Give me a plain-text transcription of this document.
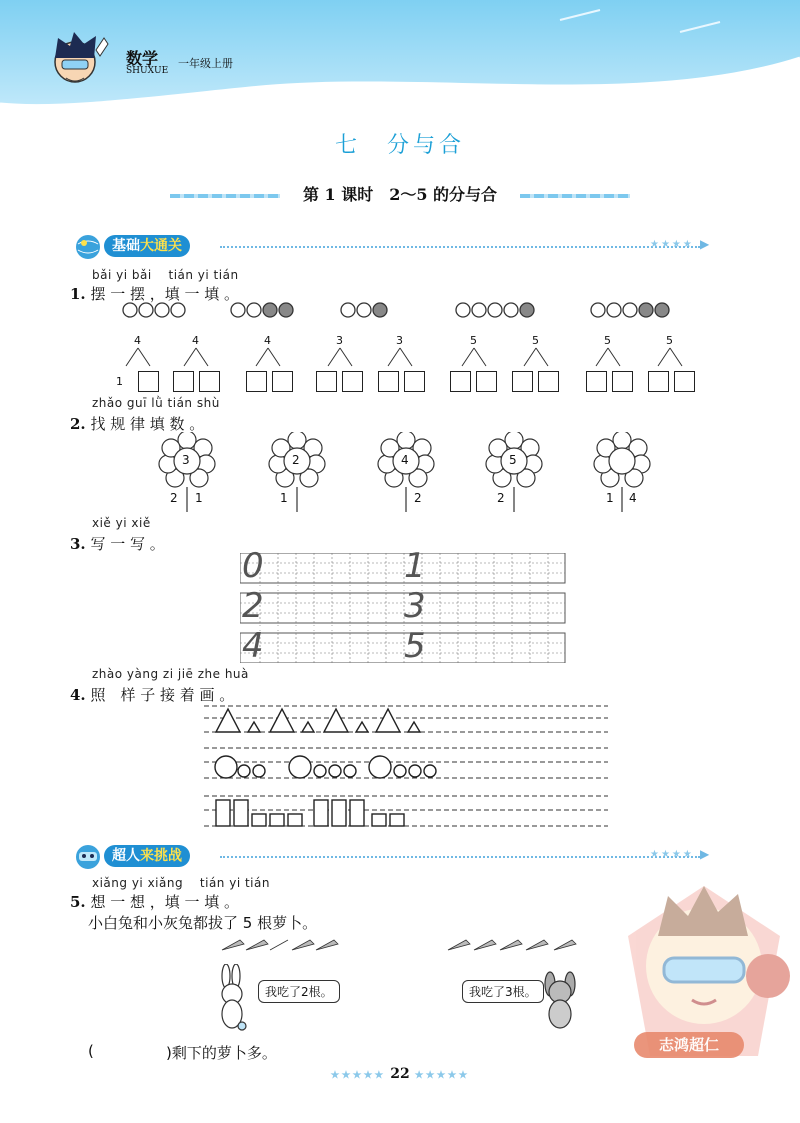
数学
SHUXUE
一年级上册
七　分与合
第 1 课时　2～5 的分与合
基础大通关	★★★★ ▶
bǎi yi bǎi　 tián yi tián
1. 摆 一 摆 ，填 一 填 。
4	4	4	3	3	5	5	5	5
1
zhǎo guī lǜ tián shù
2. 找 规 律 填 数 。
3
2 1
2
1
4
2
5
2	1 4
xiě yi xiě
3. 写 一 写 。
0	1
2	3
4	5
zhào yàng zi jiē zhe huà
4. 照　样 子 接 着 画 。
超人来挑战	★★★★ ▶
xiǎng yi xiǎng　 tián yi tián
5. 想 一 想 ，填 一 填 。
小白兔和小灰兔都拔了 5 根萝卜。
我吃了2根。	我吃了3根。
(	)剩下的萝卜多。	志鸿超仁
★★★★★ 22 ★★★★★
